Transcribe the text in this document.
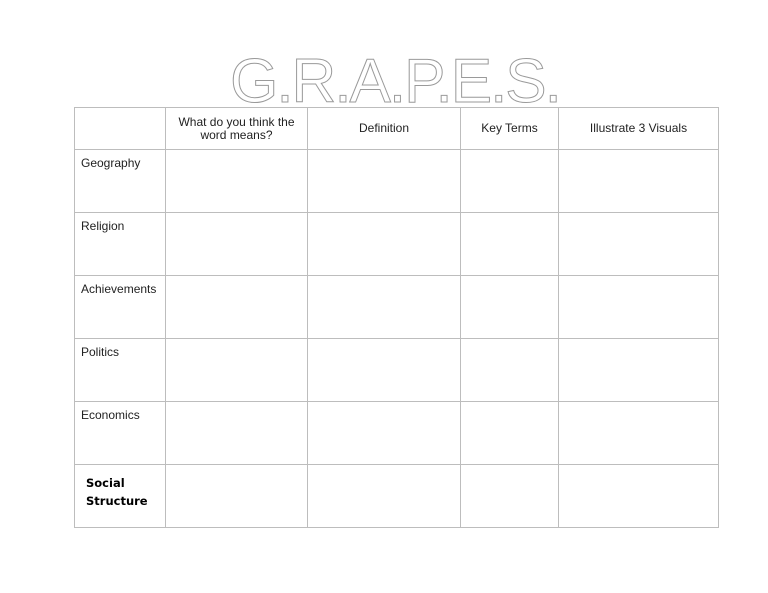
G.R.A.P.E.S.
	What do you think the word means?	Definition	Key Terms	Illustrate 3 Visuals

Geography				

Religion				

Achievements				

Politics				

Economics				

Social Structure				
